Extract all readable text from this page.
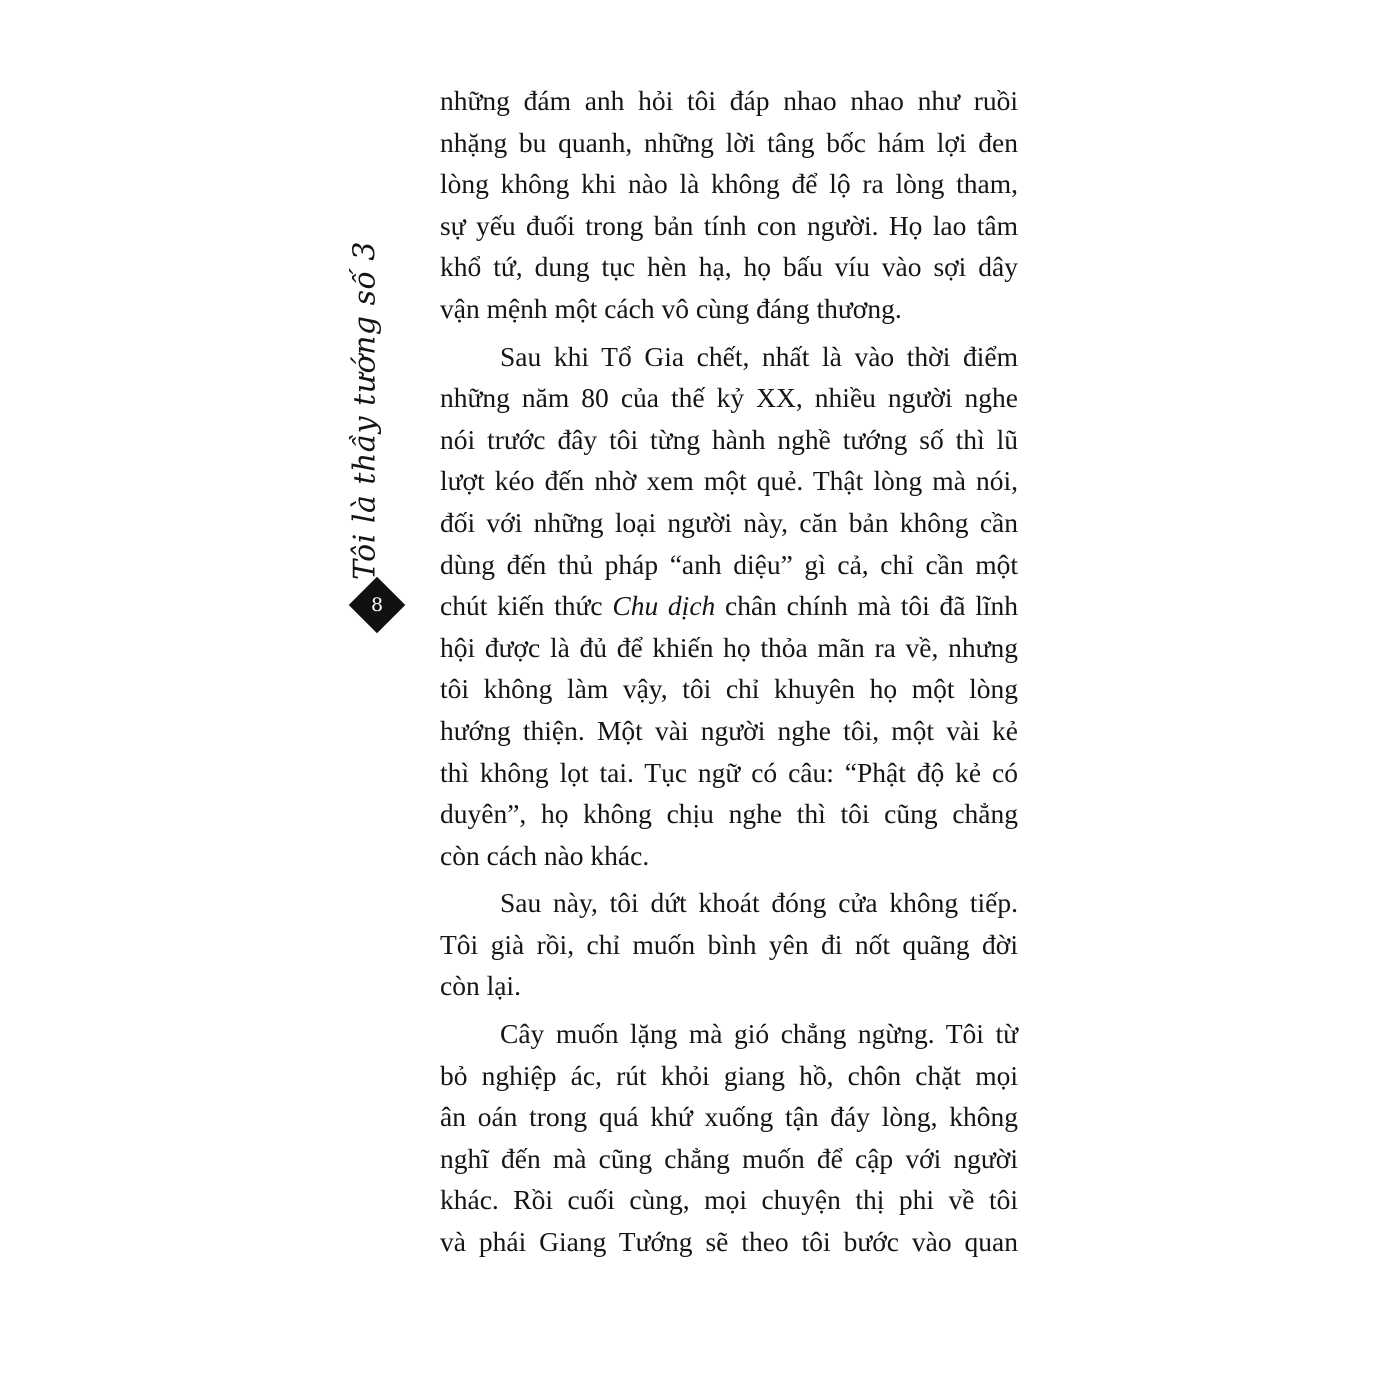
Tôi là thầy tướng số 3
8
những đám anh hỏi tôi đáp nhao nhao như ruồi
nhặng bu quanh, những lời tâng bốc hám lợi đen
lòng không khi nào là không để lộ ra lòng tham,
sự yếu đuối trong bản tính con người. Họ lao tâm
khổ tứ, dung tục hèn hạ, họ bấu víu vào sợi dây
vận mệnh một cách vô cùng đáng thương.
Sau khi Tổ Gia chết, nhất là vào thời điểm
những năm 80 của thế kỷ XX, nhiều người nghe
nói trước đây tôi từng hành nghề tướng số thì lũ
lượt kéo đến nhờ xem một quẻ. Thật lòng mà nói,
đối với những loại người này, căn bản không cần
dùng đến thủ pháp “anh diệu” gì cả, chỉ cần một
chút kiến thức Chu dịch chân chính mà tôi đã lĩnh
hội được là đủ để khiến họ thỏa mãn ra về, nhưng
tôi không làm vậy, tôi chỉ khuyên họ một lòng
hướng thiện. Một vài người nghe tôi, một vài kẻ
thì không lọt tai. Tục ngữ có câu: “Phật độ kẻ có
duyên”, họ không chịu nghe thì tôi cũng chẳng
còn cách nào khác.
Sau này, tôi dứt khoát đóng cửa không tiếp.
Tôi già rồi, chỉ muốn bình yên đi nốt quãng đời
còn lại.
Cây muốn lặng mà gió chẳng ngừng. Tôi từ
bỏ nghiệp ác, rút khỏi giang hồ, chôn chặt mọi
ân oán trong quá khứ xuống tận đáy lòng, không
nghĩ đến mà cũng chẳng muốn để cập với người
khác. Rồi cuối cùng, mọi chuyện thị phi về tôi
và phái Giang Tướng sẽ theo tôi bước vào quan
